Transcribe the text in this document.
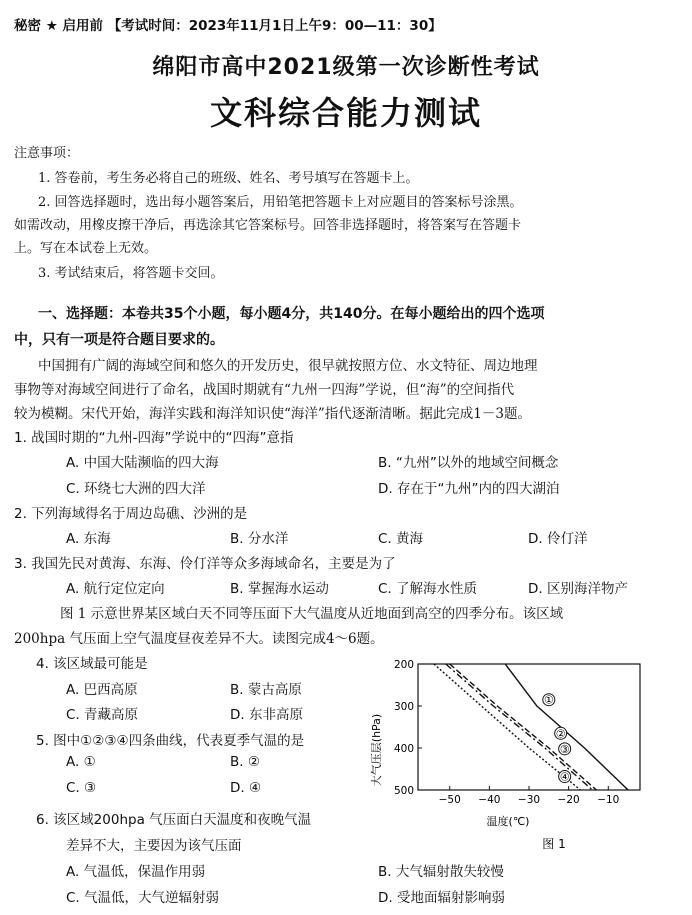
秘密 ★ 启用前 【考试时间：2023年11月1日上午9：00—11：30】
绵阳市高中2021级第一次诊断性考试
文科综合能力测试
注意事项：
1. 答卷前，考生务必将自己的班级、姓名、考号填写在答题卡上。
2. 回答选择题时，选出每小题答案后，用铅笔把答题卡上对应题目的答案标号涂黑。
如需改动，用橡皮擦干净后，再选涂其它答案标号。回答非选择题时，将答案写在答题卡
上。写在本试卷上无效。
3. 考试结束后，将答题卡交回。
一、选择题：本卷共35个小题，每小题4分，共140分。在每小题给出的四个选项
中，只有一项是符合题目要求的。
中国拥有广阔的海域空间和悠久的开发历史，很早就按照方位、水文特征、周边地理
事物等对海域空间进行了命名，战国时期就有“九州一四海”学说，但“海”的空间指代
较为模糊。宋代开始，海洋实践和海洋知识使“海洋”指代逐渐清晰。据此完成1－3题。
1. 战国时期的“九州-四海”学说中的“四海”意指
A. 中国大陆濒临的四大海	B. “九州”以外的地域空间概念
C. 环绕七大洲的四大洋	D. 存在于“九州”内的四大湖泊
2. 下列海域得名于周边岛礁、沙洲的是
A. 东海	B. 分水洋	C. 黄海	D. 伶仃洋
3. 我国先民对黄海、东海、伶仃洋等众多海域命名，主要是为了
A. 航行定位定向	B. 掌握海水运动	C. 了解海水性质	D. 区别海洋物产
图 1 示意世界某区域白天不同等压面下大气温度从近地面到高空的四季分布。该区域
200hpa 气压面上空气温度昼夜差异不大。读图完成4～6题。
4. 该区域最可能是
A. 巴西高原	B. 蒙古高原
C. 青藏高原	D. 东非高原
5. 图中①②③④四条曲线，代表夏季气温的是
A. ①	B. ②
C. ③	D. ④
6. 该区域200hpa 气压面白天温度和夜晚气温
差异不大，主要因为该气压面
A. 气温低，保温作用弱	B. 大气辐射散失较慢
C. 气温低，大气逆辐射弱	D. 受地面辐射影响弱
−50 −40 −30 −20 −10
200
300
400
500
①
②
③
④
大气压层(hPa)
温度(℃)
图 1
